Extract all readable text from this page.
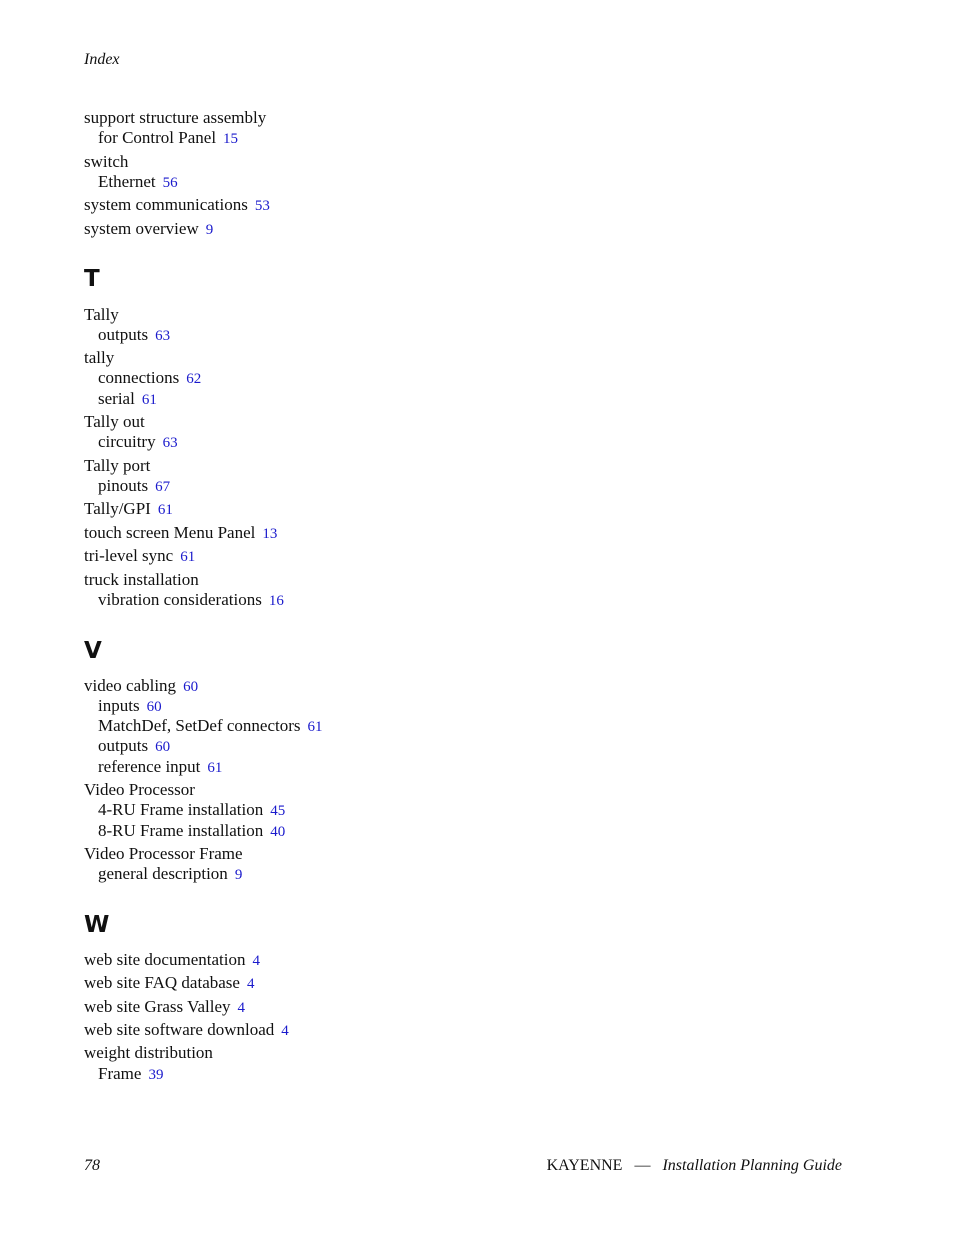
Index
support structure assembly
for Control Panel 15
switch
Ethernet 56
system communications 53
system overview 9
T
Tally
outputs 63
tally
connections 62
serial 61
Tally out
circuitry 63
Tally port
pinouts 67
Tally/GPI 61
touch screen Menu Panel 13
tri-level sync 61
truck installation
vibration considerations 16
V
video cabling 60
inputs 60
MatchDef, SetDef connectors 61
outputs 60
reference input 61
Video Processor
4-RU Frame installation 45
8-RU Frame installation 40
Video Processor Frame
general description 9
W
web site documentation 4
web site FAQ database 4
web site Grass Valley 4
web site software download 4
weight distribution
Frame 39
78	KAYENNE — Installation Planning Guide
